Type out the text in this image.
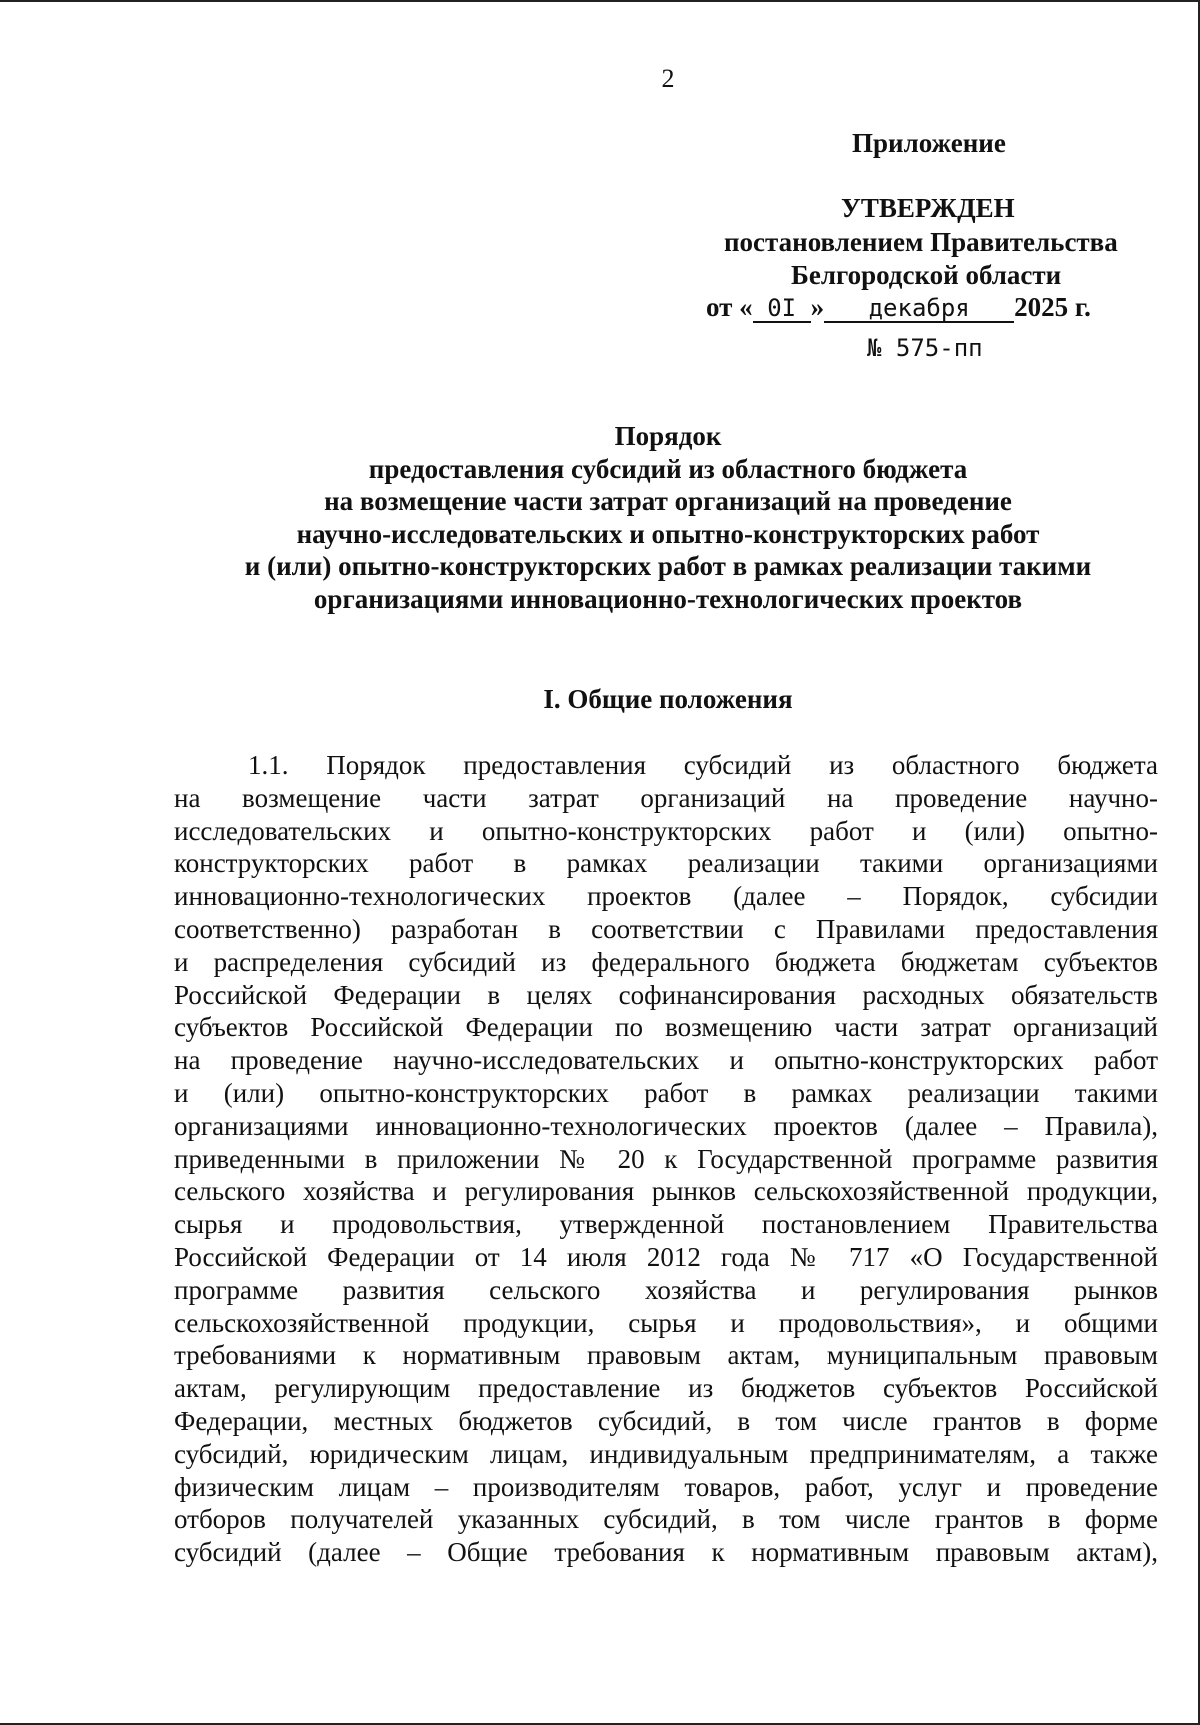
2
Приложение
УТВЕРЖДЕН
постановлением Правительства
Белгородской области
от « 0I » декабря 2025 г.
№ 575-пп
Порядок
предоставления субсидий из областного бюджета
на возмещение части затрат организаций на проведение
научно-исследовательских и опытно-конструкторских работ
и (или) опытно-конструкторских работ в рамках реализации такими
организациями инновационно-технологических проектов
I. Общие положения
1.1. Порядок предоставления субсидий из областного бюджета
на возмещение части затрат организаций на проведение научно-
исследовательских и опытно-конструкторских работ и (или) опытно-
конструкторских работ в рамках реализации такими организациями
инновационно-технологических проектов (далее – Порядок, субсидии
соответственно) разработан в соответствии с Правилами предоставления
и распределения субсидий из федерального бюджета бюджетам субъектов
Российской Федерации в целях софинансирования расходных обязательств
субъектов Российской Федерации по возмещению части затрат организаций
на проведение научно-исследовательских и опытно-конструкторских работ
и (или) опытно-конструкторских работ в рамках реализации такими
организациями инновационно-технологических проектов (далее – Правила),
приведенными в приложении № 20 к Государственной программе развития
сельского хозяйства и регулирования рынков сельскохозяйственной продукции,
сырья и продовольствия, утвержденной постановлением Правительства
Российской Федерации от 14 июля 2012 года № 717 «О Государственной
программе развития сельского хозяйства и регулирования рынков
сельскохозяйственной продукции, сырья и продовольствия», и общими
требованиями к нормативным правовым актам, муниципальным правовым
актам, регулирующим предоставление из бюджетов субъектов Российской
Федерации, местных бюджетов субсидий, в том числе грантов в форме
субсидий, юридическим лицам, индивидуальным предпринимателям, а также
физическим лицам – производителям товаров, работ, услуг и проведение
отборов получателей указанных субсидий, в том числе грантов в форме
субсидий (далее – Общие требования к нормативным правовым актам),
